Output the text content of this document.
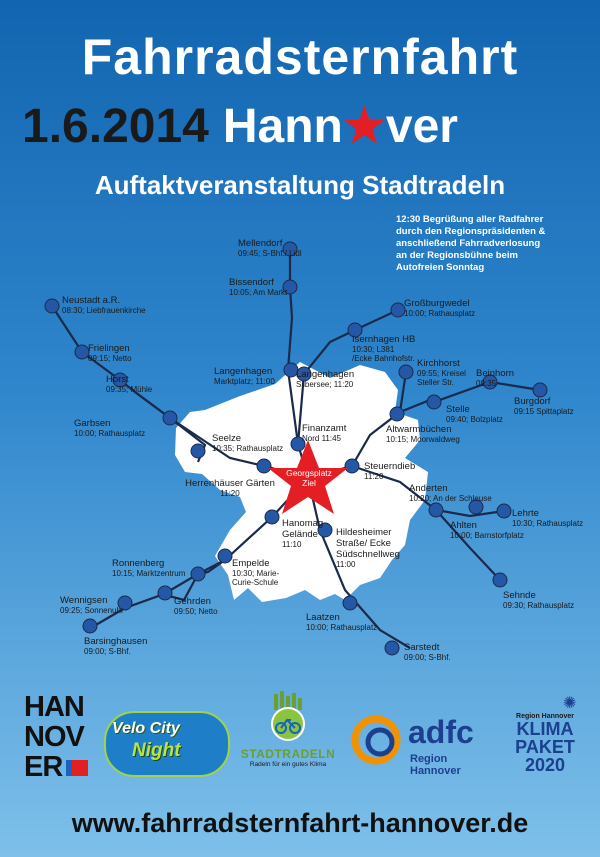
Fahrradsternfahrt
1.6.2014 Hann★ver
Auftaktveranstaltung Stadtradeln
12:30 Begrüßung aller Radfahrer
durch den Regionspräsidenten &
anschließend Fahrradverlosung
an der Regionsbühne beim
Autofreien Sonntag
Georgsplatz
Ziel
Mellendorf
09:45; S-Bhf./ Lidl
Bissendorf
10:05; Am Markt
Langenhagen
Marktplatz; 11:00
Langenhagen
Silbersee; 11:20
Finanzamt
Nord 11:45
Großburgwedel
10:00; Rathausplatz
Isernhagen HB
10:30; L381
/Ecke Bahnhofstr. Kirchhorst
09:55; Kreisel
Steller Str.
Beinhorn
09:35
Burgdorf
09:15 Spittaplatz
Stelle
09:40; Bolzplatz
Altwarmbüchen
10:15; Moorwaldweg
Steuerndieb
11:20
Anderten
10:20; An der Schleuse
Lehrte
10:30; Rathausplatz
Ahlten
10:00; Barnstorfplatz
Sehnde
09:30; Rathausplatz
Neustadt a.R.
08:30; Liebfrauenkirche
Frielingen
09:15; Netto
Horst
09:35; Mühle
Garbsen
10:00; Rathausplatz	Seelze
10:35; Rathausplatz
Herrenhäuser Gärten
11:20
Hanomag
Gelände
11:10
Hildesheimer
Straße/ Ecke
Südschnellweg
11:00
Empelde
10:30; Marie-
Curie-Schule
Ronnenberg
10:15; Marktzentrum
Wennigsen
09:25; Sonnenuhr
Gehrden
09:50; Netto
Barsinghausen
09:00; S-Bhf.
Laatzen
10:00; Rathausplatz
Sarstedt
09:00; S-Bhf.
HAN
NOV
ER
Velo City
Night	STADTRADELN
Radeln für ein gutes Klima
adfc
Region Hannover
✺
Region Hannover
KLIMA
PAKET
2020
www.fahrradsternfahrt-hannover.de
